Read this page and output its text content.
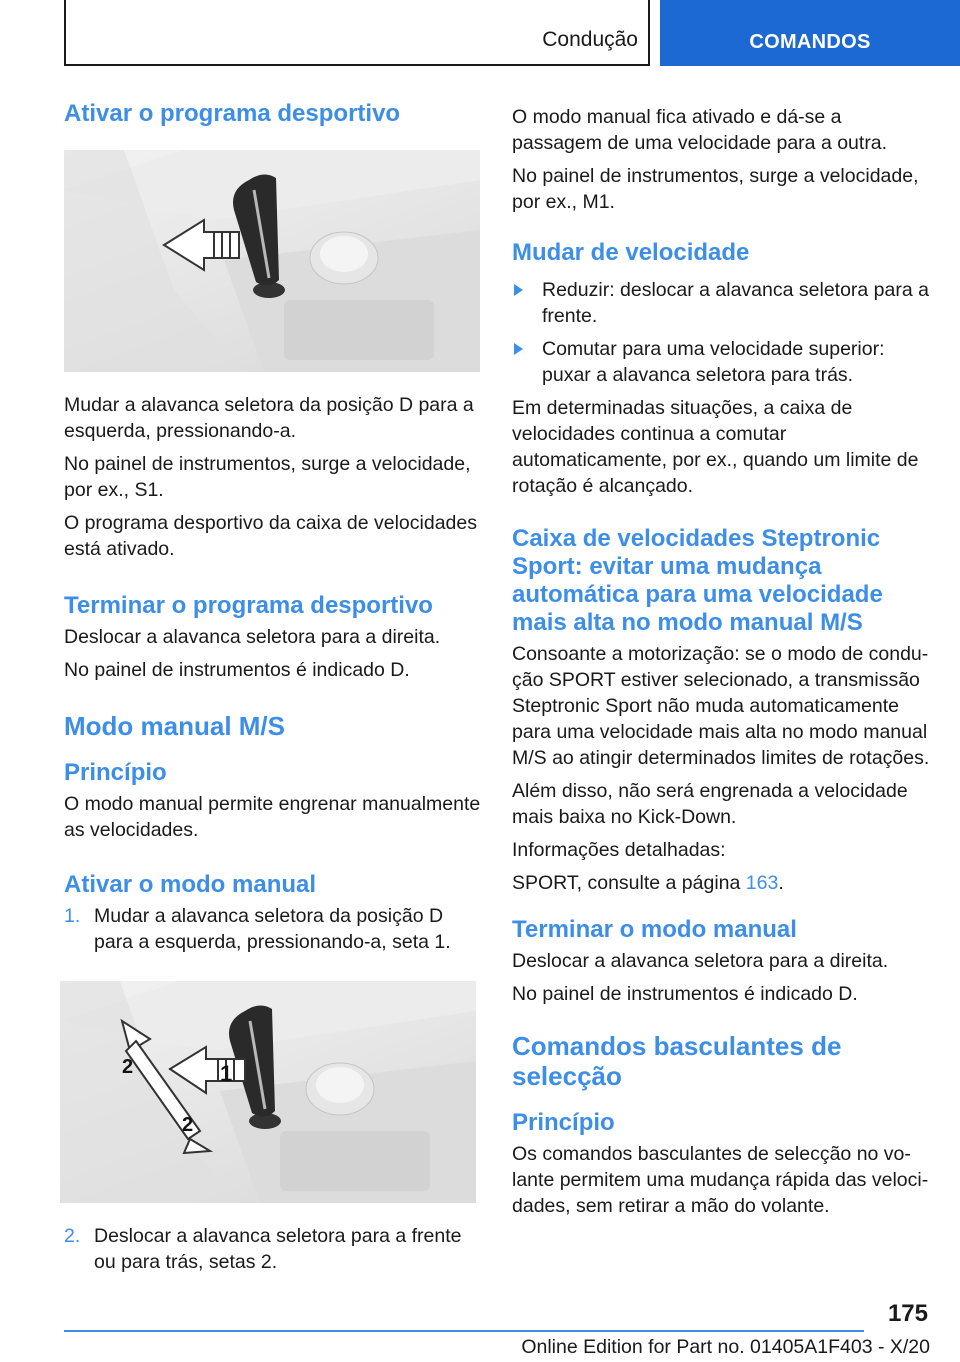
Condução	COMANDOS
Ativar o programa desportivo

Mudar a alavanca seletora da posição D para a esquerda, pressionando-a.

No painel de instrumentos, surge a velocidade, por ex., S1.

O programa desportivo da caixa de velocidades está ativado.

Terminar o programa desportivo

Deslocar a alavanca seletora para a direita.

No painel de instrumentos é indicado D.

Modo manual M/S
Princípio

O modo manual permite engrenar manualmente as velocidades.

Ativar o modo manual
1. Mudar a alavanca seletora da posição D para a esquerda, pressionando-a, seta 1.
1
2
2
2. Deslocar a alavanca seletora para a frente ou para trás, setas 2.

O modo manual fica ativado e dá-se a passagem de uma velocidade para a outra.

No painel de instrumentos, surge a velocidade, por ex., M1.

Mudar de velocidade
Reduzir: deslocar a alavanca seletora para a frente.
Comutar para uma velocidade superior: puxar a alavanca seletora para trás.

Em determinadas situações, a caixa de velocidades continua a comutar automaticamente, por ex., quando um limite de rotação é alcançado.

Caixa de velocidades Steptronic Sport: evitar uma mudança automática para uma velocidade mais alta no modo manual M/S

Consoante a motorização: se o modo de condução SPORT estiver selecionado, a transmissão Steptronic Sport não muda automaticamente para uma velocidade mais alta no modo manual M/S ao atingir determinados limites de rotações.

Além disso, não será engrenada a velocidade mais baixa no Kick-Down.

Informações detalhadas:

SPORT, consulte a página 163.

Terminar o modo manual

Deslocar a alavanca seletora para a direita.

No painel de instrumentos é indicado D.

Comandos basculantes de selecção
Princípio

Os comandos basculantes de selecção no volante permitem uma mudança rápida das velocidades, sem retirar a mão do volante.

175
Online Edition for Part no. 01405A1F403 - X/20
